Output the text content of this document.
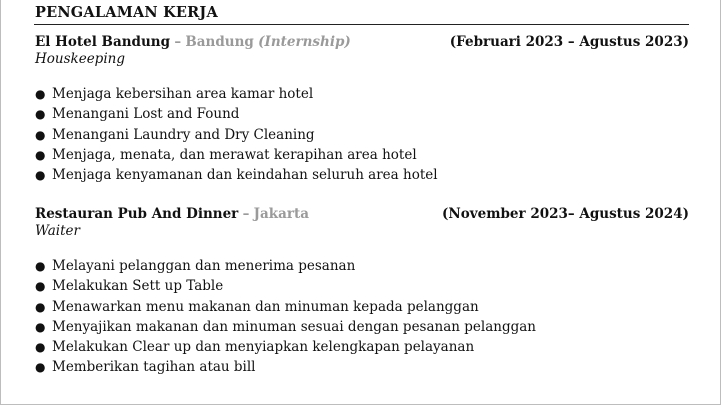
PENGALAMAN KERJA
El Hotel Bandung – Bandung (Internship)	(Februari 2023 – Agustus 2023)
Houskeeping
● Menjaga kebersihan area kamar hotel
● Menangani Lost and Found
● Menangani Laundry and Dry Cleaning
● Menjaga, menata, dan merawat kerapihan area hotel
● Menjaga kenyamanan dan keindahan seluruh area hotel
Restauran Pub And Dinner – Jakarta	(November 2023– Agustus 2024)
Waiter
● Melayani pelanggan dan menerima pesanan
● Melakukan Sett up Table
● Menawarkan menu makanan dan minuman kepada pelanggan
● Menyajikan makanan dan minuman sesuai dengan pesanan pelanggan
● Melakukan Clear up dan menyiapkan kelengkapan pelayanan
● Memberikan tagihan atau bill
